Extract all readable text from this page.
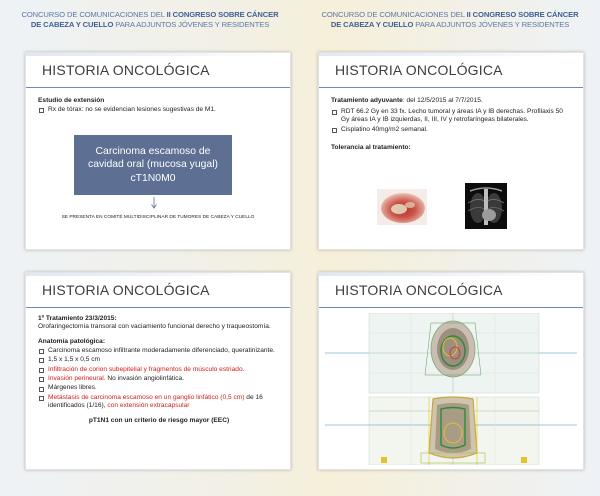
CONCURSO DE COMUNICACIONES DEL II CONGRESO SOBRE CÁNCER
DE CABEZA Y CUELLO PARA ADJUNTOS JÓVENES Y RESIDENTES
CONCURSO DE COMUNICACIONES DEL II CONGRESO SOBRE CÁNCER
DE CABEZA Y CUELLO PARA ADJUNTOS JÓVENES Y RESIDENTES
HISTORIA ONCOLÓGICA
Estudio de extensión
Rx de tórax: no se evidencian lesiones sugestivas de M1.
Carcinoma escamoso de
cavidad oral (mucosa yugal)
cT1N0M0
SE PRESENTA EN COMITÉ MULTIDISCIPLINAR DE TUMORES DE CABEZA Y CUELLO
HISTORIA ONCOLÓGICA
Tratamiento adyuvante: del 12/5/2015 al 7/7/2015.
RDT 66.2 Gy en 33 fx. Lecho tumoral y áreas IA y IB derechas. Profilaxis 50 Gy áreas IA y IB izquierdas, II, III, IV y retrofaríngeas bilaterales.
Cisplatino 40mg/m2 semanal.
Tolerancia al tratamiento:
HISTORIA ONCOLÓGICA
1º Tratamiento 23/3/2015:
Orofaringectomía transoral con vaciamiento funcional derecho y traqueostomía.
Anatomía patológica:
Carcinoma escamoso infiltrante moderadamente diferenciado, queratinizante.
1,5 x 1,5 x 0,5 cm
Infiltración de corion subepitelial y fragmentos de músculo estriado.
Invasión perineural. No invasión angiolinfática.
Márgenes libres.
Metástasis de carcinoma escamoso en un ganglio linfático (0,5 cm) de 16 identificados (1/16), con extensión extracapsular
pT1N1 con un criterio de riesgo mayor (EEC)
HISTORIA ONCOLÓGICA
